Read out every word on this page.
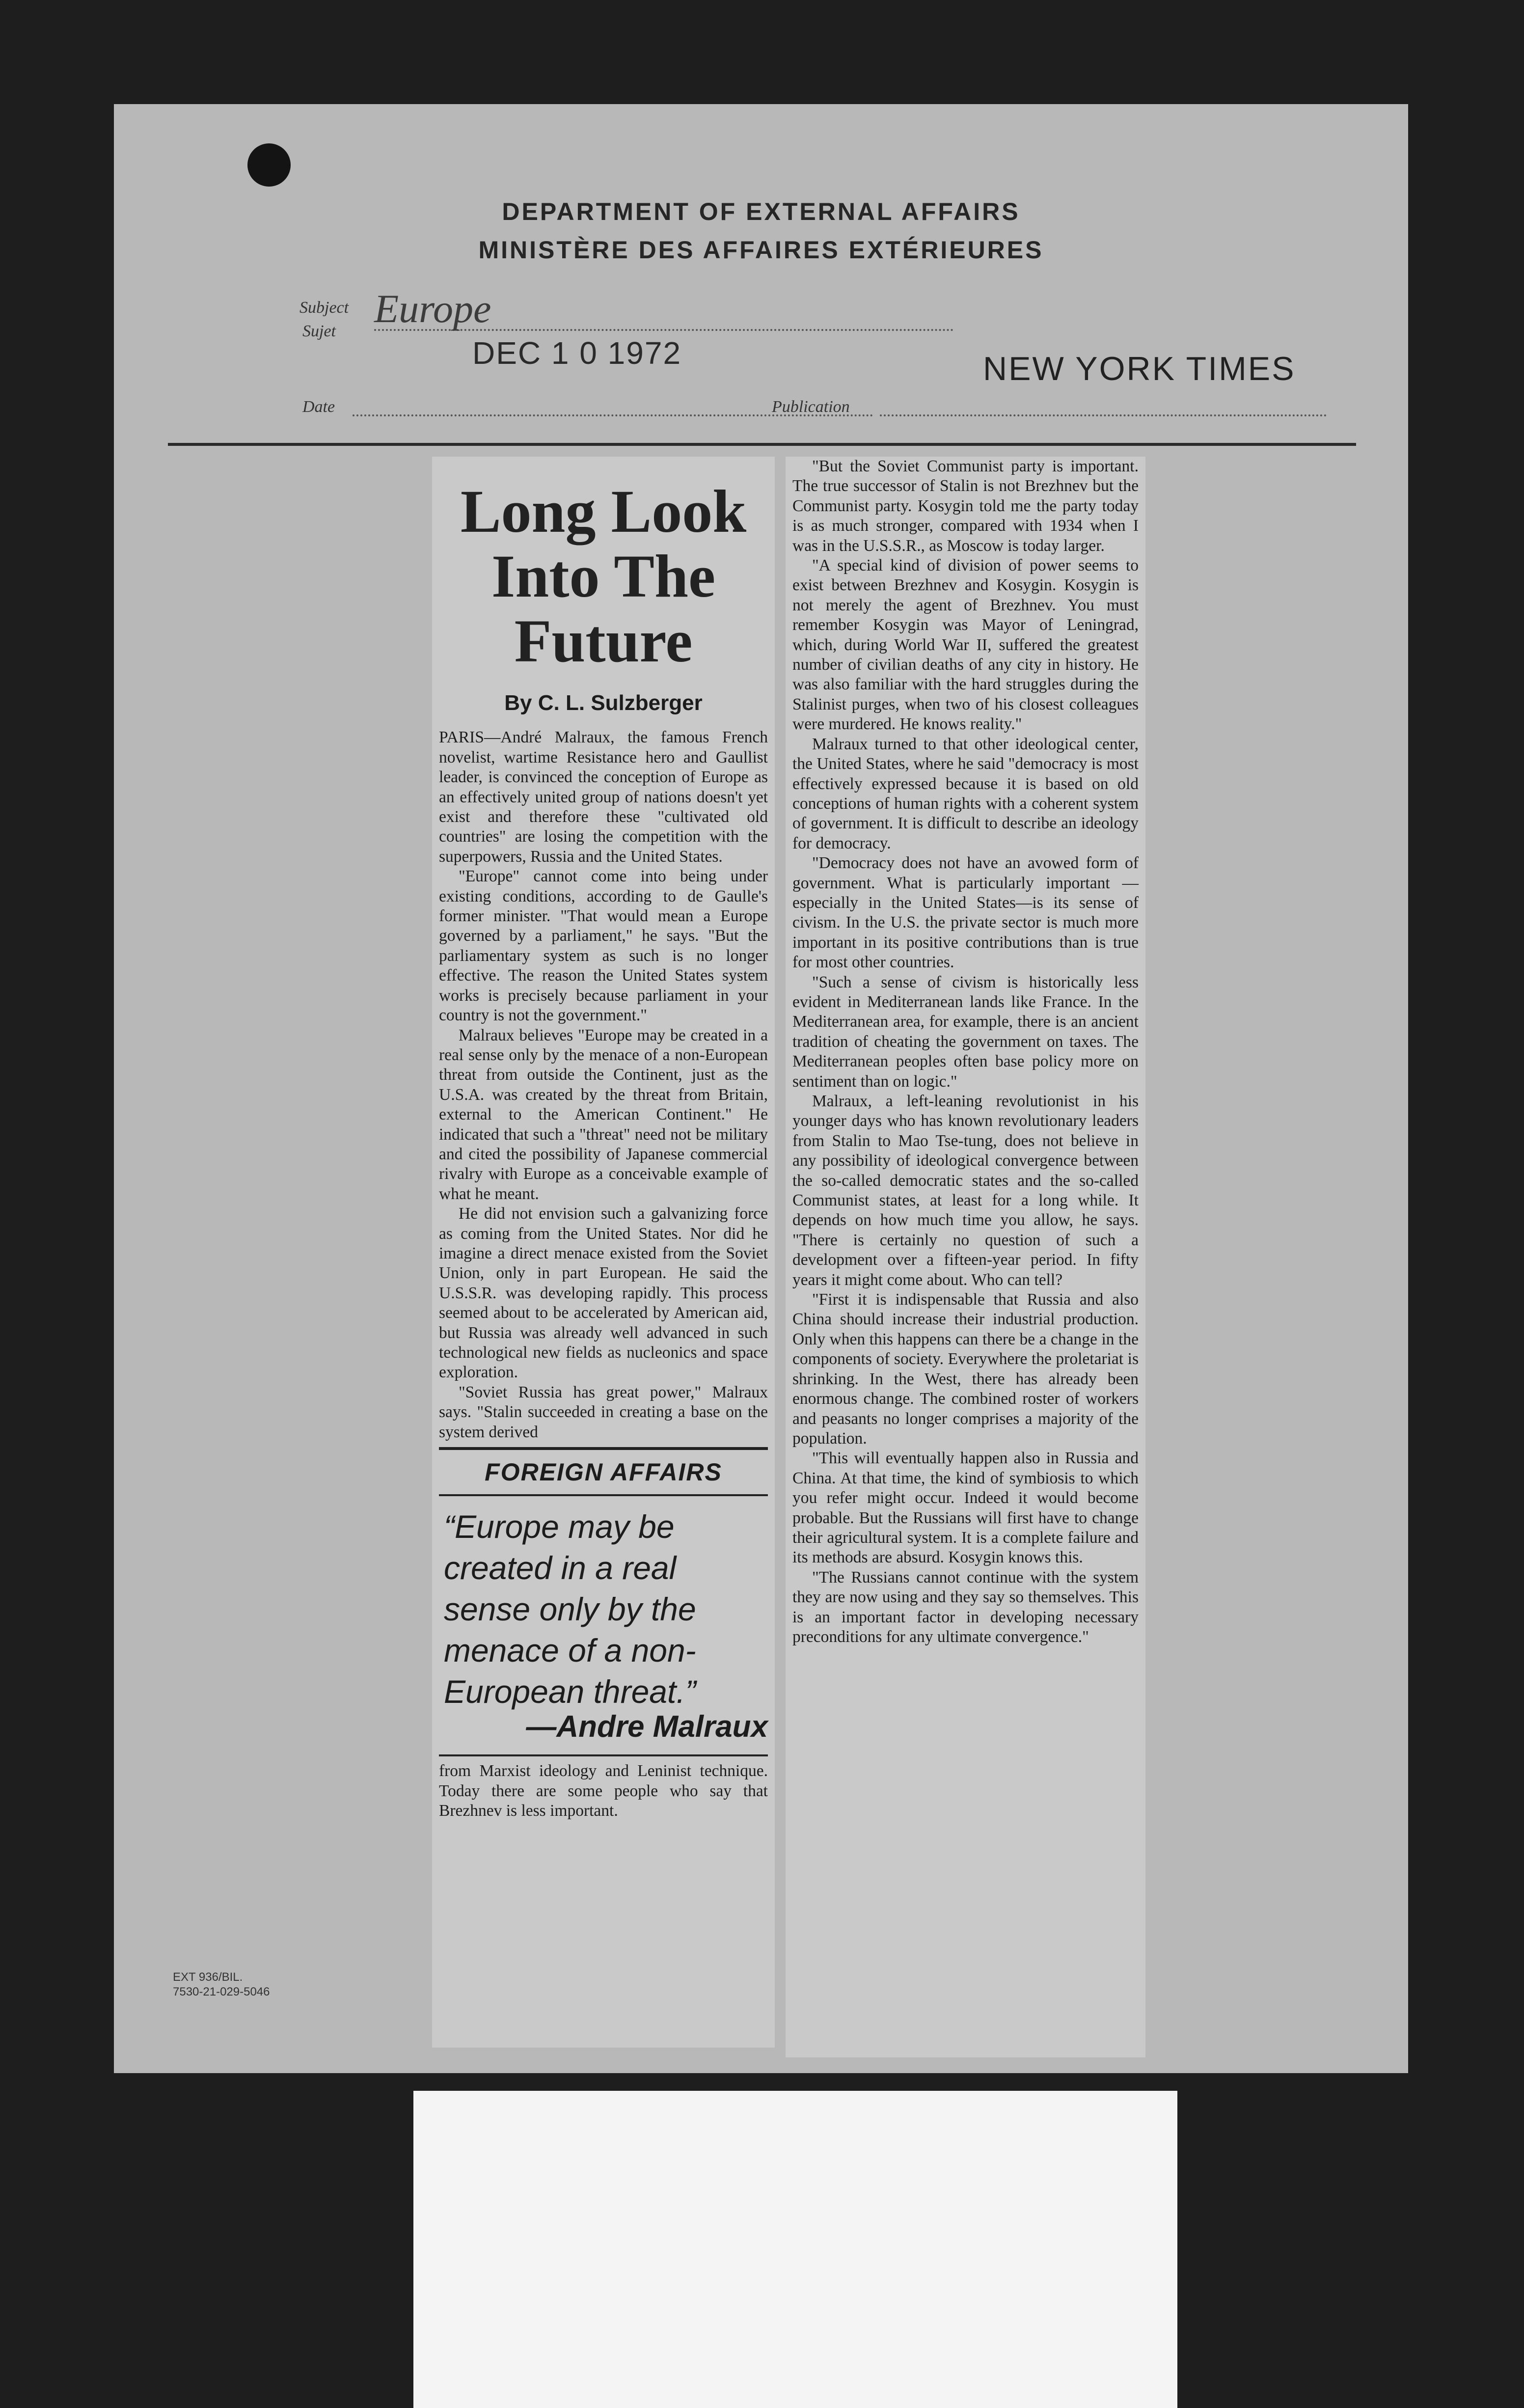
DEPARTMENT OF EXTERNAL AFFAIRS
MINISTÈRE DES AFFAIRES EXTÉRIEURES
Subject
Sujet
Europe
DEC 1 0 1972
Date
NEW YORK TIMES
Publication
EXT 936/BIL.
7530-21-029-5046
Long Look Into The Future
By C. L. Sulzberger

PARIS—André Malraux, the famous French novelist, wartime Resistance hero and Gaullist leader, is convinced the conception of Europe as an effectively united group of nations doesn't yet exist and therefore these "cultivated old countries" are losing the competition with the superpowers, Russia and the United States.

"Europe" cannot come into being under existing conditions, according to de Gaulle's former minister. "That would mean a Europe governed by a parliament," he says. "But the parliamentary system as such is no longer effective. The reason the United States system works is precisely because parliament in your country is not the government."

Malraux believes "Europe may be created in a real sense only by the menace of a non-European threat from outside the Continent, just as the U.S.A. was created by the threat from Britain, external to the American Continent." He indicated that such a "threat" need not be military and cited the possibility of Japanese commercial rivalry with Europe as a conceivable example of what he meant.

He did not envision such a galvanizing force as coming from the United States. Nor did he imagine a direct menace existed from the Soviet Union, only in part European. He said the U.S.S.R. was developing rapidly. This process seemed about to be accelerated by American aid, but Russia was already well advanced in such technological new fields as nucleonics and space exploration.

"Soviet Russia has great power," Malraux says. "Stalin succeeded in creating a base on the system derived

FOREIGN AFFAIRS
“Europe may be created in a real sense only by the menace of a non-European threat.”
—Andre Malraux

from Marxist ideology and Leninist technique. Today there are some people who say that Brezhnev is less important.

"But the Soviet Communist party is important. The true successor of Stalin is not Brezhnev but the Communist party. Kosygin told me the party today is as much stronger, compared with 1934 when I was in the U.S.S.R., as Moscow is today larger.

"A special kind of division of power seems to exist between Brezhnev and Kosygin. Kosygin is not merely the agent of Brezhnev. You must remember Kosygin was Mayor of Leningrad, which, during World War II, suffered the greatest number of civilian deaths of any city in history. He was also familiar with the hard struggles during the Stalinist purges, when two of his closest colleagues were murdered. He knows reality."

Malraux turned to that other ideological center, the United States, where he said "democracy is most effectively expressed because it is based on old conceptions of human rights with a coherent system of government. It is difficult to describe an ideology for democracy.

"Democracy does not have an avowed form of government. What is particularly important — especially in the United States—is its sense of civism. In the U.S. the private sector is much more important in its positive contributions than is true for most other countries.

"Such a sense of civism is historically less evident in Mediterranean lands like France. In the Mediterranean area, for example, there is an ancient tradition of cheating the government on taxes. The Mediterranean peoples often base policy more on sentiment than on logic."

Malraux, a left-leaning revolutionist in his younger days who has known revolutionary leaders from Stalin to Mao Tse-tung, does not believe in any possibility of ideological convergence between the so-called democratic states and the so-called Communist states, at least for a long while. It depends on how much time you allow, he says. "There is certainly no question of such a development over a fifteen-year period. In fifty years it might come about. Who can tell?

"First it is indispensable that Russia and also China should increase their industrial production. Only when this happens can there be a change in the components of society. Everywhere the proletariat is shrinking. In the West, there has already been enormous change. The combined roster of workers and peasants no longer comprises a majority of the population.

"This will eventually happen also in Russia and China. At that time, the kind of symbiosis to which you refer might occur. Indeed it would become probable. But the Russians will first have to change their agricultural system. It is a complete failure and its methods are absurd. Kosygin knows this.

"The Russians cannot continue with the system they are now using and they say so themselves. This is an important factor in developing necessary preconditions for any ultimate convergence."
